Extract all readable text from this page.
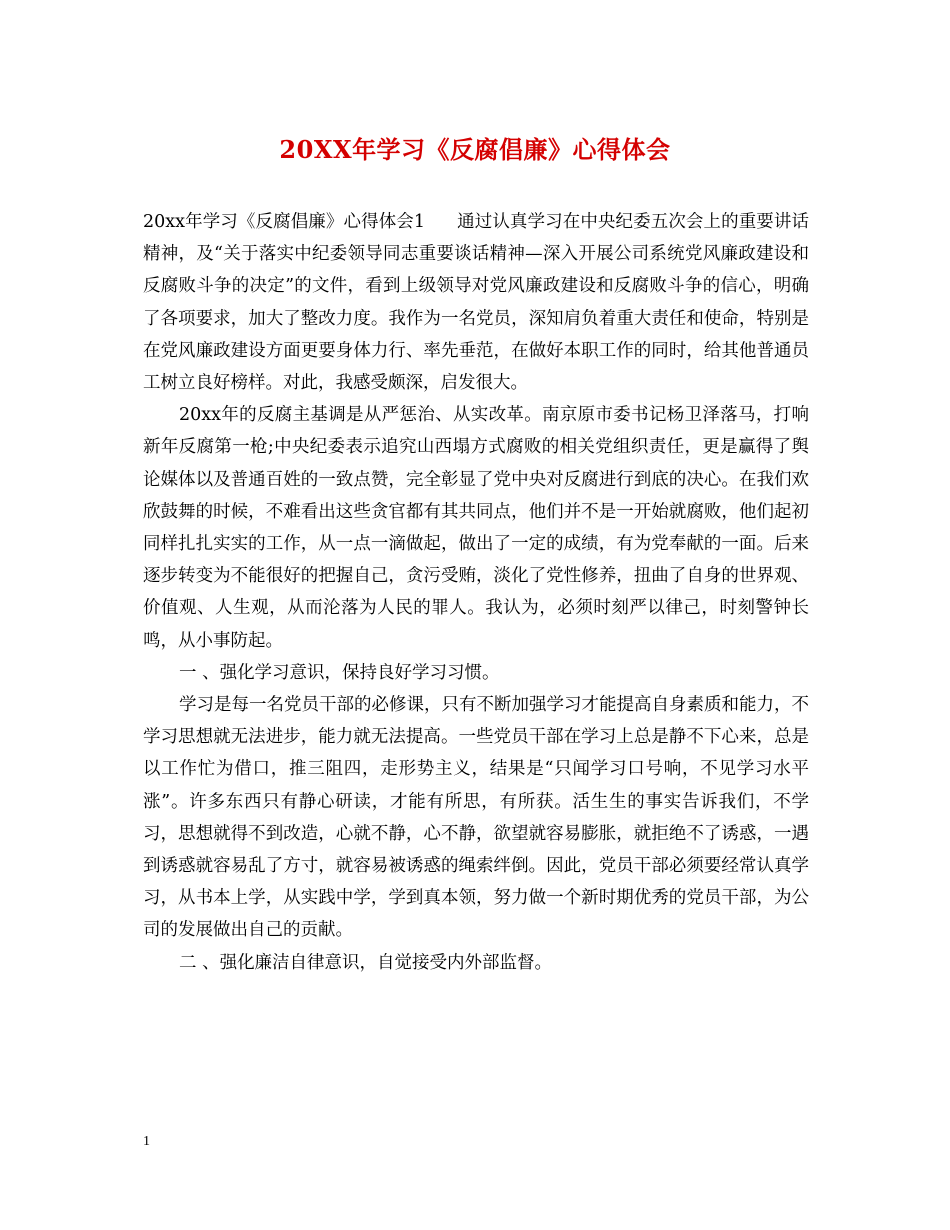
20XX年学习《反腐倡廉》心得体会

20xx年学习《反腐倡廉》心得体会1 通过认真学习在中央纪委五次会上的重要讲话精神，及“关于落实中纪委领导同志重要谈话精神—深入开展公司系统党风廉政建设和反腐败斗争的决定”的文件，看到上级领导对党风廉政建设和反腐败斗争的信心，明确了各项要求，加大了整改力度。我作为一名党员，深知肩负着重大责任和使命，特别是在党风廉政建设方面更要身体力行、率先垂范，在做好本职工作的同时，给其他普通员工树立良好榜样。对此，我感受颇深，启发很大。

20xx年的反腐主基调是从严惩治、从实改革。南京原市委书记杨卫泽落马，打响新年反腐第一枪;中央纪委表示追究山西塌方式腐败的相关党组织责任，更是赢得了舆论媒体以及普通百姓的一致点赞，完全彰显了党中央对反腐进行到底的决心。在我们欢欣鼓舞的时候，不难看出这些贪官都有其共同点，他们并不是一开始就腐败，他们起初同样扎扎实实的工作，从一点一滴做起，做出了一定的成绩，有为党奉献的一面。后来逐步转变为不能很好的把握自己，贪污受贿，淡化了党性修养，扭曲了自身的世界观、价值观、人生观，从而沦落为人民的罪人。我认为，必须时刻严以律己，时刻警钟长鸣，从小事防起。

一 、强化学习意识，保持良好学习习惯。

学习是每一名党员干部的必修课，只有不断加强学习才能提高自身素质和能力，不学习思想就无法进步，能力就无法提高。一些党员干部在学习上总是静不下心来，总是以工作忙为借口，推三阻四，走形势主义，结果是“只闻学习口号响，不见学习水平涨”。许多东西只有静心研读，才能有所思，有所获。活生生的事实告诉我们，不学习，思想就得不到改造，心就不静，心不静，欲望就容易膨胀，就拒绝不了诱惑，一遇到诱惑就容易乱了方寸，就容易被诱惑的绳索绊倒。因此，党员干部必须要经常认真学习，从书本上学，从实践中学，学到真本领，努力做一个新时期优秀的党员干部，为公司的发展做出自己的贡献。

二 、强化廉洁自律意识，自觉接受内外部监督。

1
